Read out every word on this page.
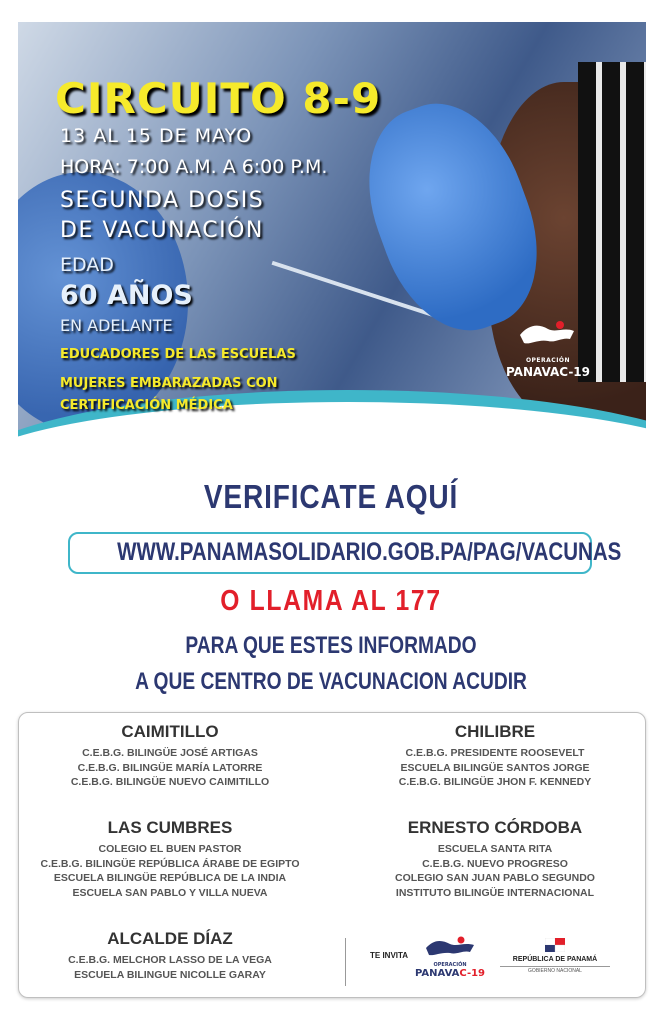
OPERACIÓN
PANAVAC-19
CIRCUITO 8-9
13 AL 15 DE MAYO
HORA: 7:00 A.M. A 6:00 P.M.
SEGUNDA DOSIS
DE VACUNACIÓN
EDAD
60 AÑOS
EN ADELANTE
EDUCADORES DE LAS ESCUELAS
MUJERES EMBARAZADAS CON
CERTIFICACIÓN MÉDICA
VERIFICATE AQUÍ
WWW.PANAMASOLIDARIO.GOB.PA/PAG/VACUNAS
O LLAMA AL 177
PARA QUE ESTES INFORMADO
A QUE CENTRO DE VACUNACION ACUDIR
CAIMITILLO
C.E.B.G. BILINGÜE JOSÉ ARTIGAS
C.E.B.G. BILINGÜE MARÍA LATORRE
C.E.B.G. BILINGÜE NUEVO CAIMITILLO
CHILIBRE
C.E.B.G. PRESIDENTE ROOSEVELT
ESCUELA BILINGÜE SANTOS JORGE
C.E.B.G. BILINGÜE JHON F. KENNEDY
LAS CUMBRES
COLEGIO EL BUEN PASTOR
C.E.B.G. BILINGÜE REPÚBLICA ÁRABE DE EGIPTO
ESCUELA BILINGÜE REPÚBLICA DE LA INDIA
ESCUELA SAN PABLO Y VILLA NUEVA
ERNESTO CÓRDOBA
ESCUELA SANTA RITA
C.E.B.G. NUEVO PROGRESO
COLEGIO SAN JUAN PABLO SEGUNDO
INSTITUTO BILINGÜE INTERNACIONAL
ALCALDE DÍAZ
C.E.B.G. MELCHOR LASSO DE LA VEGA
ESCUELA BILINGUE NICOLLE GARAY
TE INVITA
OPERACIÓN
PANAVAC-19
REPÚBLICA DE PANAMÁ
GOBIERNO NACIONAL
